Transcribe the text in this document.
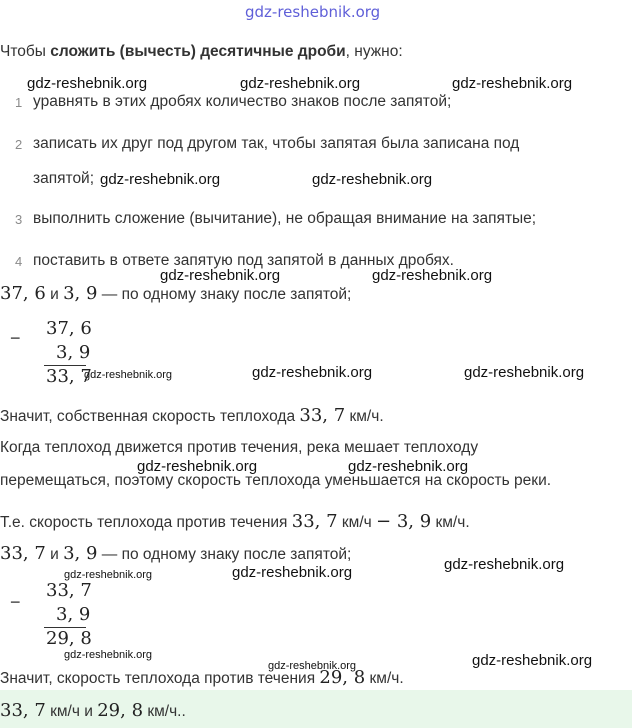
gdz-reshebnik.org
Чтобы сложить (вычесть) десятичные дроби, нужно:
gdz-reshebnik.org	gdz-reshebnik.org	gdz-reshebnik.org
1 уравнять в этих дробях количество знаков после запятой;
2 записать их друг под другом так, чтобы запятая была записана под
запятой; gdz-reshebnik.org	gdz-reshebnik.org
3 выполнить сложение (вычитание), не обращая внимание на запятые;
4 поставить в ответе запятую под запятой в данных дробях.
gdz-reshebnik.org	gdz-reshebnik.org
37, 6 и 3, 9 — по одному знаку после запятой;
− 37, 6
3, 9
33, 7
gdz-reshebnik.org	gdz-reshebnik.org	gdz-reshebnik.org
Значит, собственная скорость теплохода 33, 7 км/ч.
Когда теплоход движется против течения, река мешает теплоходу
gdz-reshebnik.org	gdz-reshebnik.org
перемещаться, поэтому скорость теплохода уменьшается на скорость реки.
Т.е. скорость теплохода против течения 33, 7 км/ч − 3, 9 км/ч.
33, 7 и 3, 9 — по одному знаку после запятой;
gdz-reshebnik.org	gdz-reshebnik.org	gdz-reshebnik.org
−
33, 7
3, 9
29, 8
gdz-reshebnik.org
gdz-reshebnik.org	gdz-reshebnik.org
Значит, скорость теплохода против течения 29, 8 км/ч.
33, 7 км/ч и 29, 8 км/ч..
